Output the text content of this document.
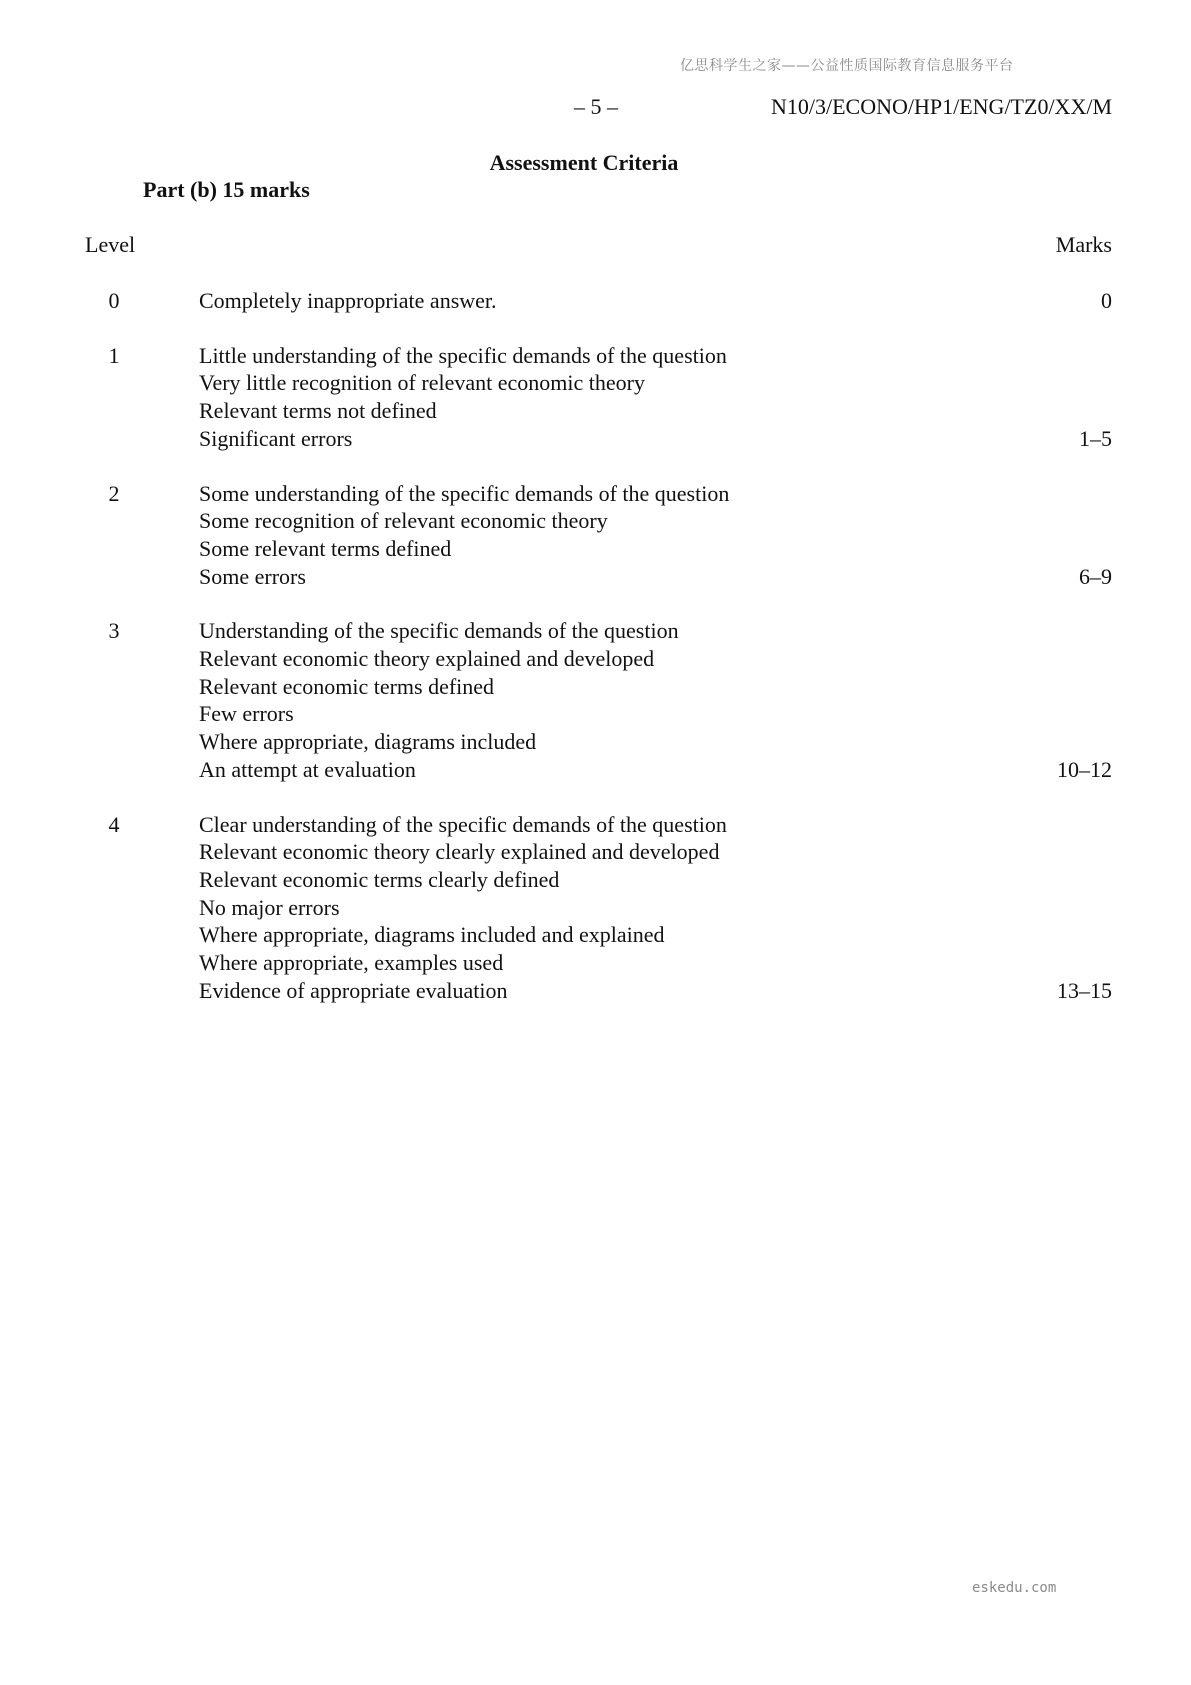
亿思科学生之家——公益性质国际教育信息服务平台
– 5 –	N10/3/ECONO/HP1/ENG/TZ0/XX/M
Assessment Criteria
Part (b) 15 marks
Level	Marks
0	Completely inappropriate answer.	0
1	Little understanding of the specific demands of the question
Very little recognition of relevant economic theory
Relevant terms not defined
Significant errors	1–5
2	Some understanding of the specific demands of the question
Some recognition of relevant economic theory
Some relevant terms defined
Some errors	6–9
3	Understanding of the specific demands of the question
Relevant economic theory explained and developed
Relevant economic terms defined
Few errors
Where appropriate, diagrams included
An attempt at evaluation	10–12
4	Clear understanding of the specific demands of the question
Relevant economic theory clearly explained and developed
Relevant economic terms clearly defined
No major errors
Where appropriate, diagrams included and explained
Where appropriate, examples used
Evidence of appropriate evaluation	13–15
eskedu.com
